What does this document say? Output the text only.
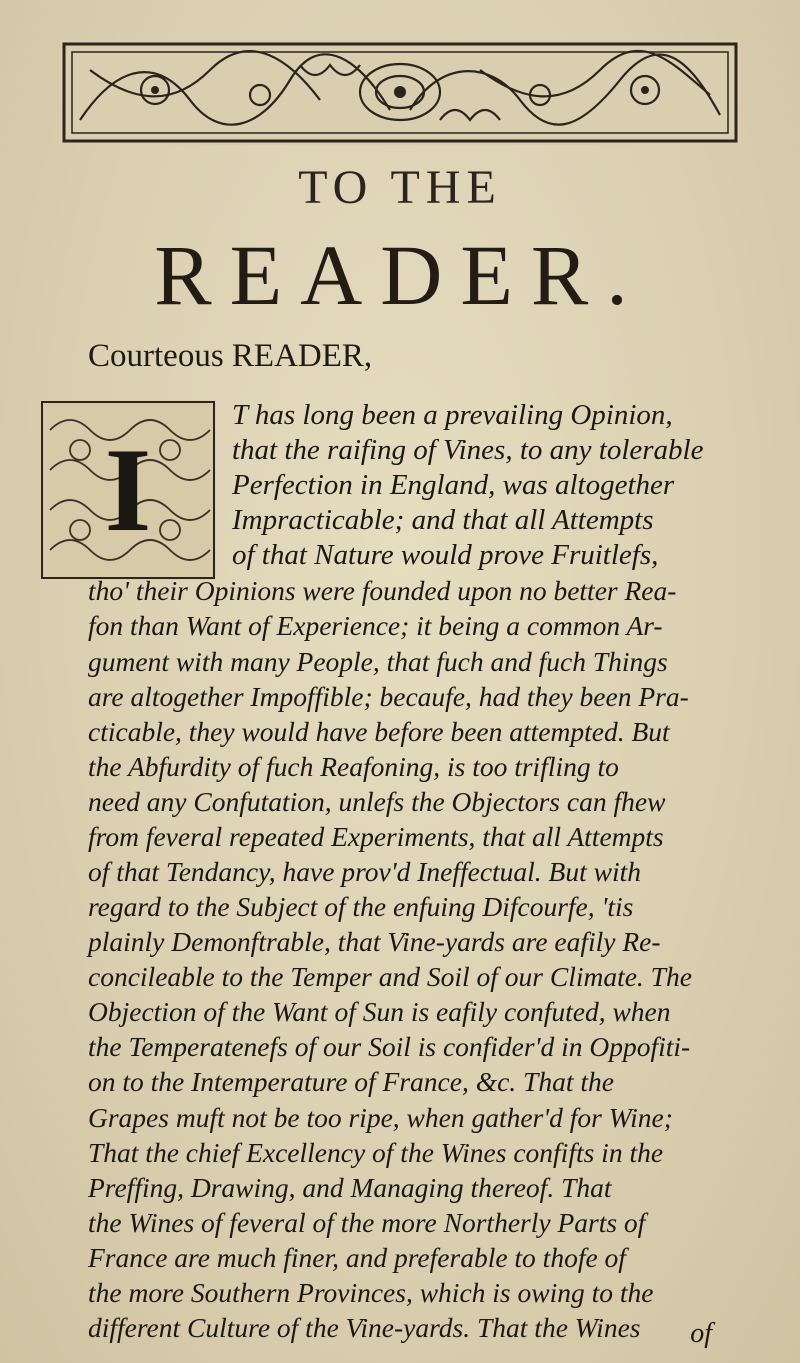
TO THE
READER.
Courteous READER,
I
T has long been a prevailing Opinion,
that the raifing of Vines, to any tolerable
Perfection in England, was altogether
Impracticable; and that all Attempts
of that Nature would prove Fruitlefs,
tho' their Opinions were founded upon no better Rea-
fon than Want of Experience; it being a common Ar-
gument with many People, that fuch and fuch Things
are altogether Impoffible; becaufe, had they been Pra-
cticable, they would have before been attempted. But
the Abfurdity of fuch Reafoning, is too trifling to
need any Confutation, unlefs the Objectors can fhew
from feveral repeated Experiments, that all Attempts
of that Tendancy, have prov'd Ineffectual. But with
regard to the Subject of the enfuing Difcourfe, 'tis
plainly Demonftrable, that Vine-yards are eafily Re-
concileable to the Temper and Soil of our Climate. The
Objection of the Want of Sun is eafily confuted, when
the Temperatenefs of our Soil is confider'd in Oppofiti-
on to the Intemperature of France, &c. That the
Grapes muft not be too ripe, when gather'd for Wine;
That the chief Excellency of the Wines confifts in the
Preffing, Drawing, and Managing thereof. That
the Wines of feveral of the more Northerly Parts of
of
France are much finer, and preferable to thofe of
the more Southern Provinces, which is owing to the
different Culture of the Vine-yards. That the Wines
